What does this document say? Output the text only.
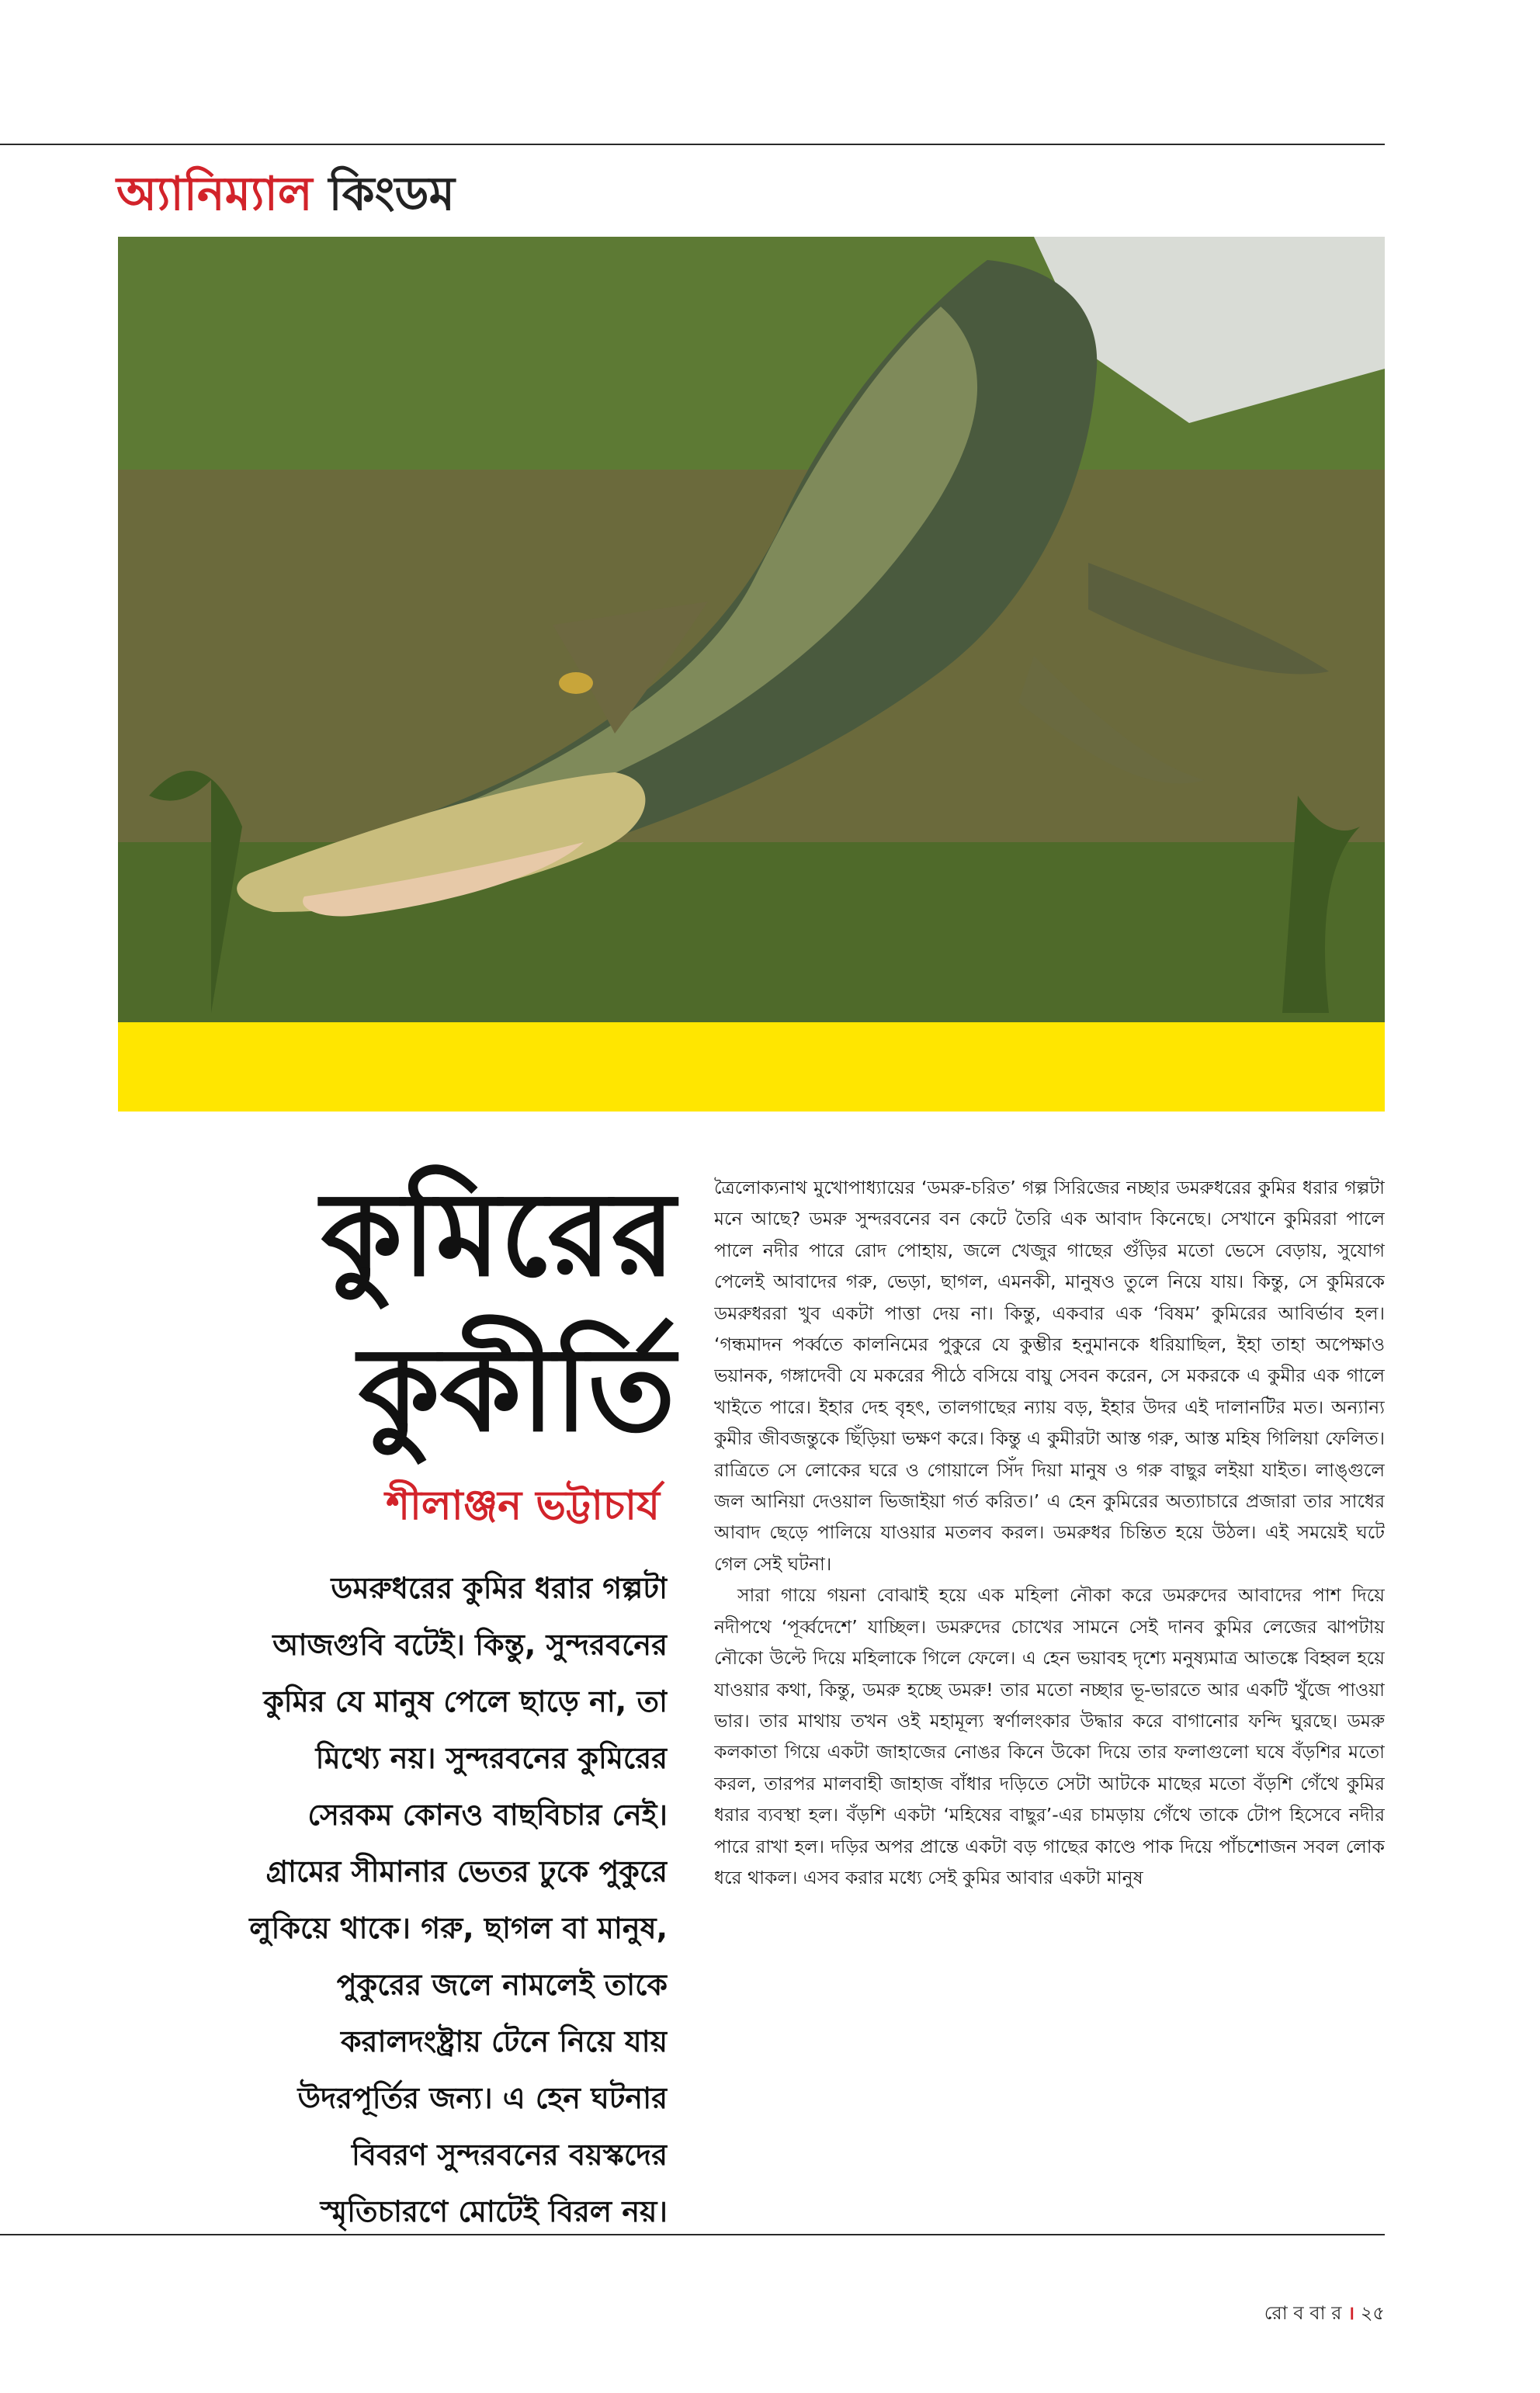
অ্যানিম্যাল কিংডম
কুমিরের
কুকীর্তি
শীলাঞ্জন ভট্টাচার্য
ডমরুধরের কুমির ধরার গল্পটা
আজগুবি বটেই। কিন্তু, সুন্দরবনের
কুমির যে মানুষ পেলে ছাড়ে না, তা
মিথ্যে নয়। সুন্দরবনের কুমিরের
সেরকম কোনও বাছবিচার নেই।
গ্রামের সীমানার ভেতর ঢুকে পুকুরে
লুকিয়ে থাকে। গরু, ছাগল বা মানুষ,
পুকুরের জলে নামলেই তাকে
করালদংষ্ট্রায় টেনে নিয়ে যায়
উদরপূর্তির জন্য। এ হেন ঘটনার
বিবরণ সুন্দরবনের বয়স্কদের
স্মৃতিচারণে মোটেই বিরল নয়।

ত্রৈলোক্যনাথ মুখোপাধ্যায়ের ‘ডমরু-চরিত’ গল্প সিরিজের নচ্ছার ডমরুধরের কুমির ধরার গল্পটা মনে আছে? ডমরু সুন্দরবনের বন কেটে তৈরি এক আবাদ কিনেছে। সেখানে কুমিররা পালে পালে নদীর পারে রোদ পোহায়, জলে খেজুর গাছের গুঁড়ির মতো ভেসে বেড়ায়, সুযোগ পেলেই আবাদের গরু, ভেড়া, ছাগল, এমনকী, মানুষও তুলে নিয়ে যায়। কিন্তু, সে কুমিরকে ডমরুধররা খুব একটা পাত্তা দেয় না। কিন্তু, একবার এক ‘বিষম’ কুমিরের আবির্ভাব হল। ‘গন্ধমাদন পর্ব্বতে কালনিমের পুকুরে যে কুম্ভীর হনুমানকে ধরিয়াছিল, ইহা তাহা অপেক্ষাও ভয়ানক, গঙ্গাদেবী যে মকরের পীঠে বসিয়ে বায়ু সেবন করেন, সে মকরকে এ কুমীর এক গালে খাইতে পারে। ইহার দেহ বৃহৎ, তালগাছের ন্যায় বড়, ইহার উদর এই দালানটির মত। অন্যান্য কুমীর জীবজন্তুকে ছিঁড়িয়া ভক্ষণ করে। কিন্তু এ কুমীরটা আস্ত গরু, আস্ত মহিষ গিলিয়া ফেলিত। রাত্রিতে সে লোকের ঘরে ও গোয়ালে সিঁদ দিয়া মানুষ ও গরু বাছুর লইয়া যাইত। লাঙ্গুলে জল আনিয়া দেওয়াল ভিজাইয়া গর্ত করিত।’ এ হেন কুমিরের অত্যাচারে প্রজারা তার সাধের আবাদ ছেড়ে পালিয়ে যাওয়ার মতলব করল। ডমরুধর চিন্তিত হয়ে উঠল। এই সময়েই ঘটে গেল সেই ঘটনা।

সারা গায়ে গয়না বোঝাই হয়ে এক মহিলা নৌকা করে ডমরুদের আবাদের পাশ দিয়ে নদীপথে ‘পূর্ব্বদেশে’ যাচ্ছিল। ডমরুদের চোখের সামনে সেই দানব কুমির লেজের ঝাপটায় নৌকো উল্টে দিয়ে মহিলাকে গিলে ফেলে। এ হেন ভয়াবহ দৃশ্যে মনুষ্যমাত্র আতঙ্কে বিহ্বল হয়ে যাওয়ার কথা, কিন্তু, ডমরু হচ্ছে ডমরু! তার মতো নচ্ছার ভূ-ভারতে আর একটি খুঁজে পাওয়া ভার। তার মাথায় তখন ওই মহামূল্য স্বর্ণালংকার উদ্ধার করে বাগানোর ফন্দি ঘুরছে। ডমরু কলকাতা গিয়ে একটা জাহাজের নোঙর কিনে উকো দিয়ে তার ফলাগুলো ঘষে বঁড়শির মতো করল, তারপর মালবাহী জাহাজ বাঁধার দড়িতে সেটা আটকে মাছের মতো বঁড়শি গেঁথে কুমির ধরার ব্যবস্থা হল। বঁড়শি একটা ‘মহিষের বাছুর’-এর চামড়ায় গেঁথে তাকে টোপ হিসেবে নদীর পারে রাখা হল। দড়ির অপর প্রান্তে একটা বড় গাছের কাণ্ডে পাক দিয়ে পাঁচশোজন সবল লোক ধরে থাকল। এসব করার মধ্যে সেই কুমির আবার একটা মানুষ

রো ব বা র । ২৫
